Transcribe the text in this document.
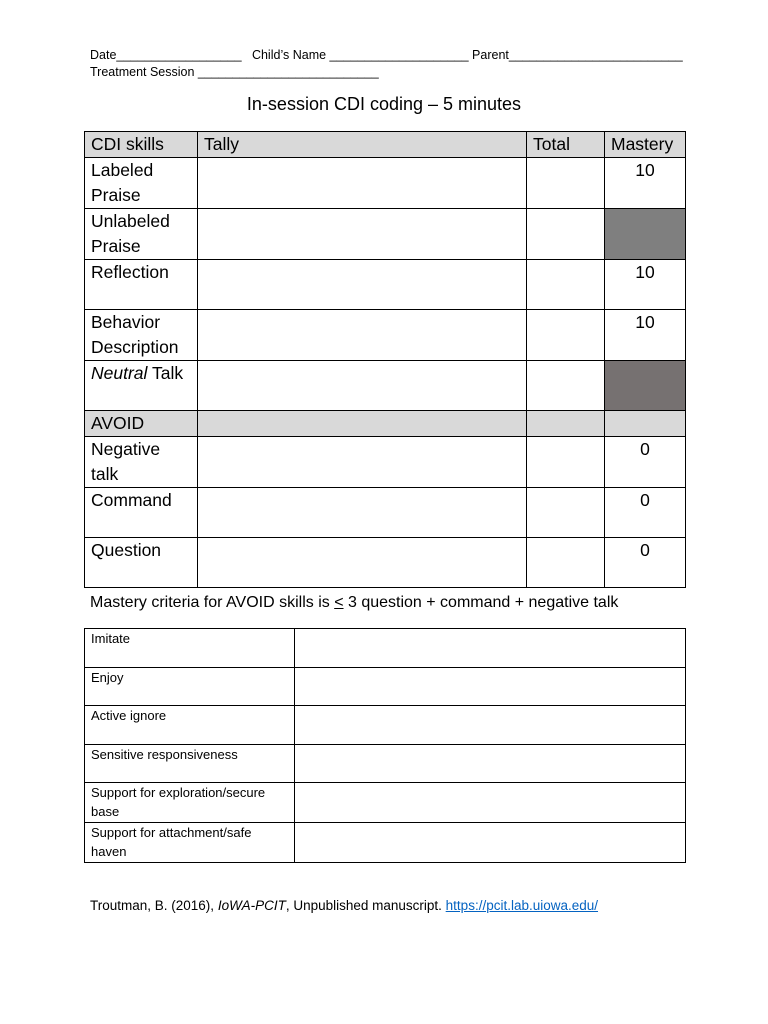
Date__________________   Child’s Name ____________________ Parent_________________________
Treatment Session __________________________
In-session CDI coding – 5 minutes
CDI skills	Tally	Total	Mastery
Labeled Praise			10
Unlabeled Praise			
Reflection			10
Behavior Description			10
Neutral Talk			
AVOID			
Negative talk			0
Command			0
Question			0
Mastery criteria for AVOID skills is ≤ 3 question + command + negative talk
Imitate	
Enjoy	
Active ignore	
Sensitive responsiveness	
Support for exploration/secure base	
Support for attachment/safe haven	
Troutman, B. (2016), IoWA-PCIT, Unpublished manuscript. https://pcit.lab.uiowa.edu/
